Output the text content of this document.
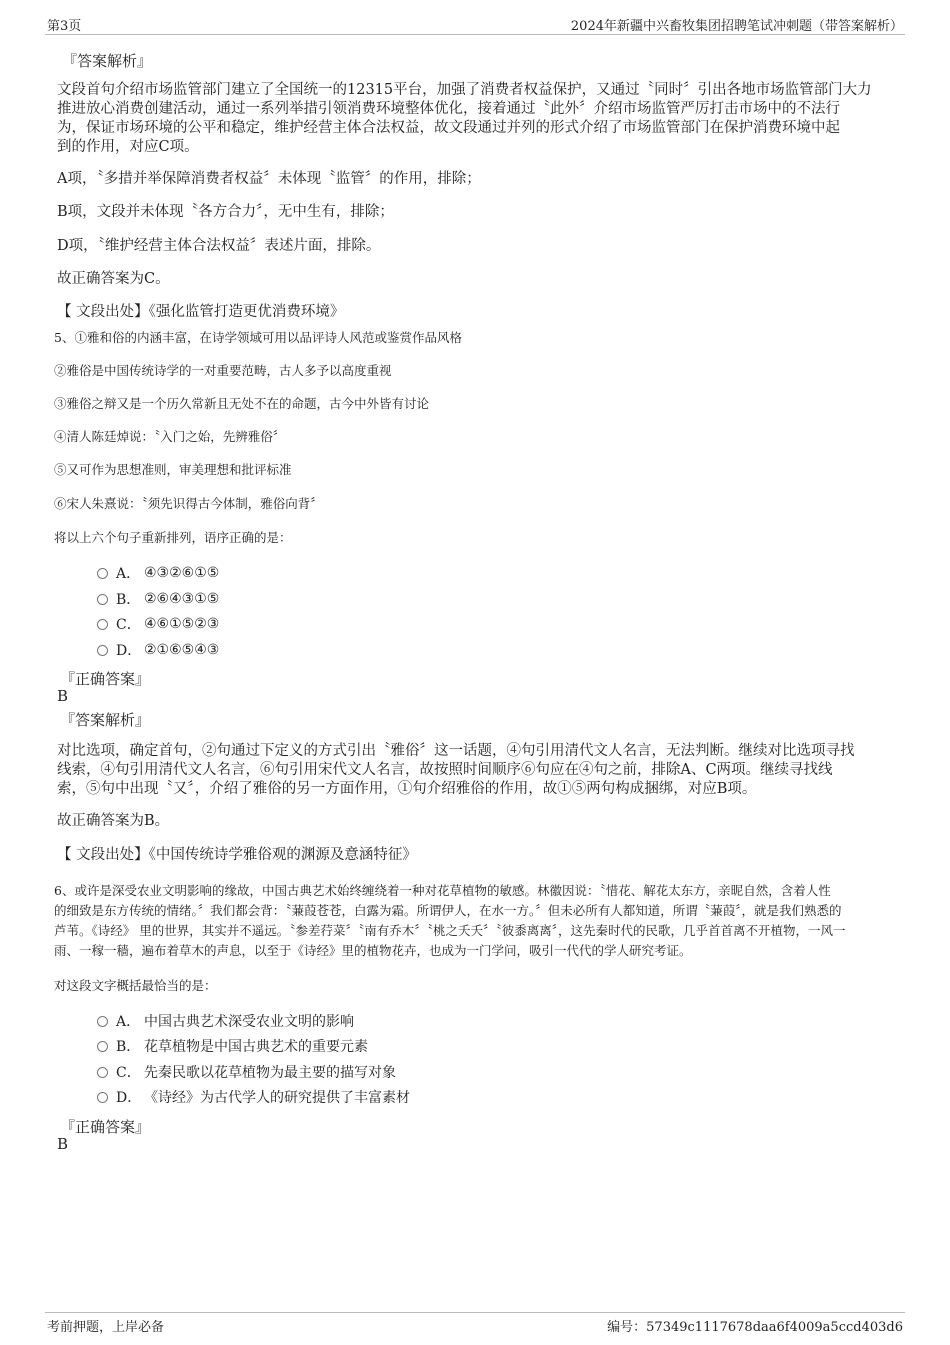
第3页	2024年新疆中兴畜牧集团招聘笔试冲刺题（带答案解析）
『答案解析』
文段首句介绍市场监管部门建立了全国统一的12315平台，加强了消费者权益保护，又通过〝同时〞引出各地市场监管部门大力
推进放心消费创建活动，通过一系列举措引领消费环境整体优化，接着通过〝此外〞介绍市场监管严厉打击市场中的不法行
为，保证市场环境的公平和稳定，维护经营主体合法权益，故文段通过并列的形式介绍了市场监管部门在保护消费环境中起
到的作用，对应C项。
A项，〝多措并举保障消费者权益〞未体现〝监管〞的作用，排除；
B项，文段并未体现〝各方合力〞，无中生有，排除；
D项，〝维护经营主体合法权益〞表述片面，排除。
故正确答案为C。
【 文段出处】《强化监管打造更优消费环境》
5、①雅和俗的内涵丰富，在诗学领域可用以品评诗人风范或鉴赏作品风格
②雅俗是中国传统诗学的一对重要范畴，古人多予以高度重视
③雅俗之辩又是一个历久常新且无处不在的命题，古今中外皆有讨论
④清人陈廷焯说：〝入门之始，先辨雅俗〞
⑤又可作为思想准则，审美理想和批评标准
⑥宋人朱熹说：〝须先识得古今体制，雅俗向背〞
将以上六个句子重新排列，语序正确的是：
A． ④③②⑥①⑤
B． ②⑥④③①⑤
C． ④⑥①⑤②③
D． ②①⑥⑤④③
『正确答案』
B
『答案解析』
对比选项，确定首句，②句通过下定义的方式引出〝雅俗〞这一话题，④句引用清代文人名言，无法判断。继续对比选项寻找
线索，④句引用清代文人名言，⑥句引用宋代文人名言，故按照时间顺序⑥句应在④句之前，排除A、C两项。继续寻找线
索，⑤句中出现〝又〞，介绍了雅俗的另一方面作用，①句介绍雅俗的作用，故①⑤两句构成捆绑，对应B项。
故正确答案为B。
【 文段出处】《中国传统诗学雅俗观的渊源及意涵特征》
6、或许是深受农业文明影响的缘故，中国古典艺术始终缠绕着一种对花草植物的敏感。林徽因说：〝惜花、解花太东方，亲昵自然，含着人性
的细致是东方传统的情绪。〞我们都会背：〝蒹葭苍苍，白露为霜。所谓伊人，在水一方。〞但未必所有人都知道，所谓〝蒹葭〞，就是我们熟悉的
芦苇。《诗经》 里的世界，其实并不遥远。〝参差荇菜〞〝南有乔木〞〝桃之夭夭〞〝彼黍离离〞，这先秦时代的民歌，几乎首首离不开植物，一风一
雨、一稼一穑，遍布着草木的声息，以至于《诗经》里的植物花卉，也成为一门学问，吸引一代代的学人研究考证。
对这段文字概括最恰当的是：
A． 中国古典艺术深受农业文明的影响
B． 花草植物是中国古典艺术的重要元素
C． 先秦民歌以花草植物为最主要的描写对象
D． 《诗经》为古代学人的研究提供了丰富素材
『正确答案』
B
考前押题，上岸必备	编号：57349c1117678daa6f4009a5ccd403d6
